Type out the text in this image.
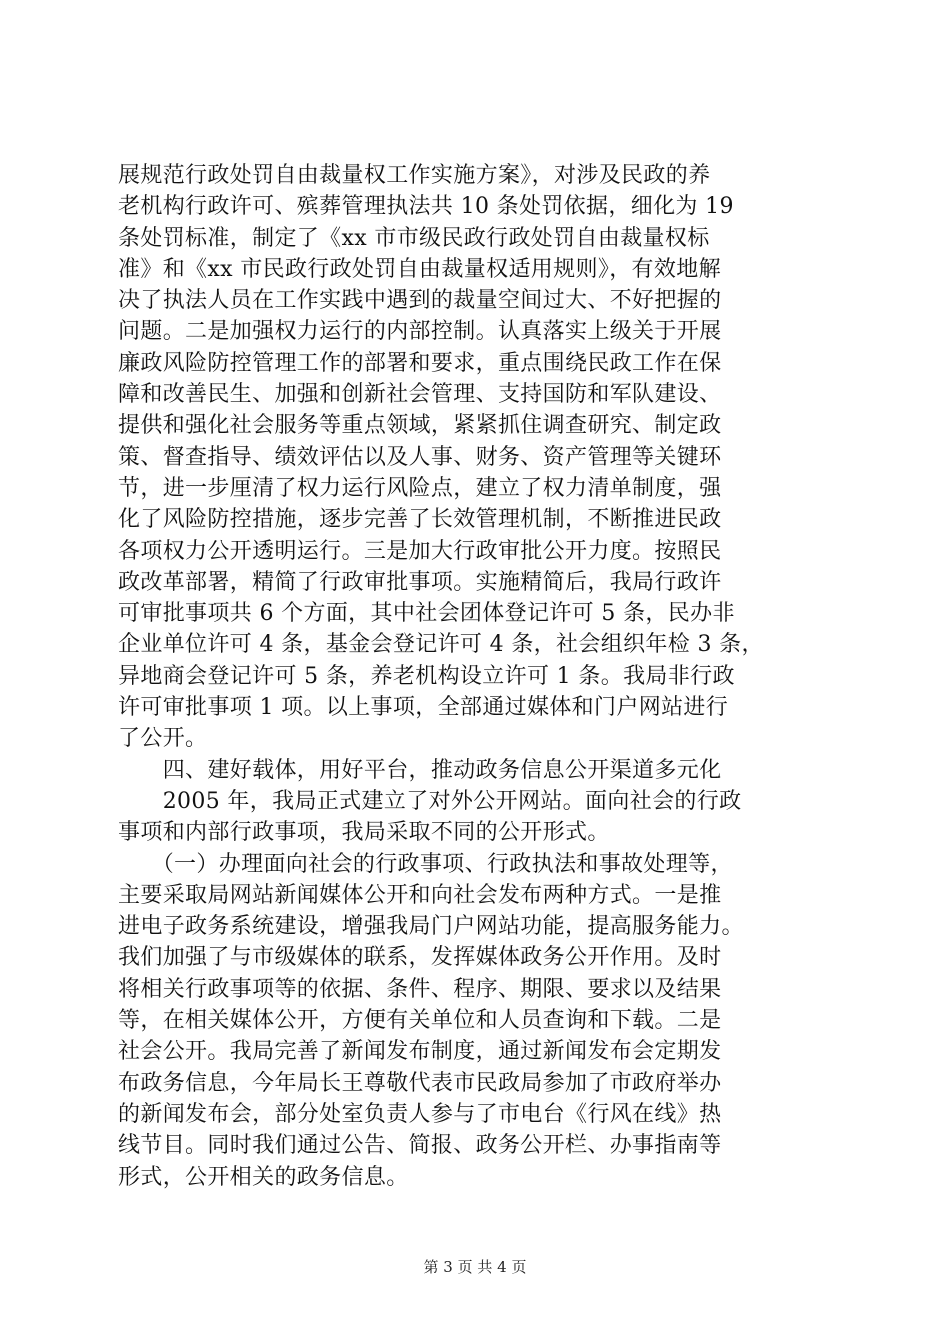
展规范行政处罚自由裁量权工作实施方案》，对涉及民政的养
老机构行政许可、殡葬管理执法共 10 条处罚依据，细化为 19
条处罚标准，制定了《xx 市市级民政行政处罚自由裁量权标
准》和《xx 市民政行政处罚自由裁量权适用规则》，有效地解
决了执法人员在工作实践中遇到的裁量空间过大、不好把握的
问题。二是加强权力运行的内部控制。认真落实上级关于开展
廉政风险防控管理工作的部署和要求，重点围绕民政工作在保
障和改善民生、加强和创新社会管理、支持国防和军队建设、
提供和强化社会服务等重点领域，紧紧抓住调查研究、制定政
策、督查指导、绩效评估以及人事、财务、资产管理等关键环
节，进一步厘清了权力运行风险点，建立了权力清单制度，强
化了风险防控措施，逐步完善了长效管理机制，不断推进民政
各项权力公开透明运行。三是加大行政审批公开力度。按照民
政改革部署，精简了行政审批事项。实施精简后，我局行政许
可审批事项共 6 个方面，其中社会团体登记许可 5 条，民办非
企业单位许可 4 条，基金会登记许可 4 条，社会组织年检 3 条，
异地商会登记许可 5 条，养老机构设立许可 1 条。我局非行政
许可审批事项 1 项。以上事项，全部通过媒体和门户网站进行
了公开。
　　四、建好载体，用好平台，推动政务信息公开渠道多元化
　　2005 年，我局正式建立了对外公开网站。面向社会的行政
事项和内部行政事项，我局采取不同的公开形式。
　　（一）办理面向社会的行政事项、行政执法和事故处理等，
主要采取局网站新闻媒体公开和向社会发布两种方式。一是推
进电子政务系统建设，增强我局门户网站功能，提高服务能力。
我们加强了与市级媒体的联系，发挥媒体政务公开作用。及时
将相关行政事项等的依据、条件、程序、期限、要求以及结果
等，在相关媒体公开，方便有关单位和人员查询和下载。二是
社会公开。我局完善了新闻发布制度，通过新闻发布会定期发
布政务信息，今年局长王尊敬代表市民政局参加了市政府举办
的新闻发布会，部分处室负责人参与了市电台《行风在线》热
线节目。同时我们通过公告、简报、政务公开栏、办事指南等
形式，公开相关的政务信息。
第 3 页 共 4 页
